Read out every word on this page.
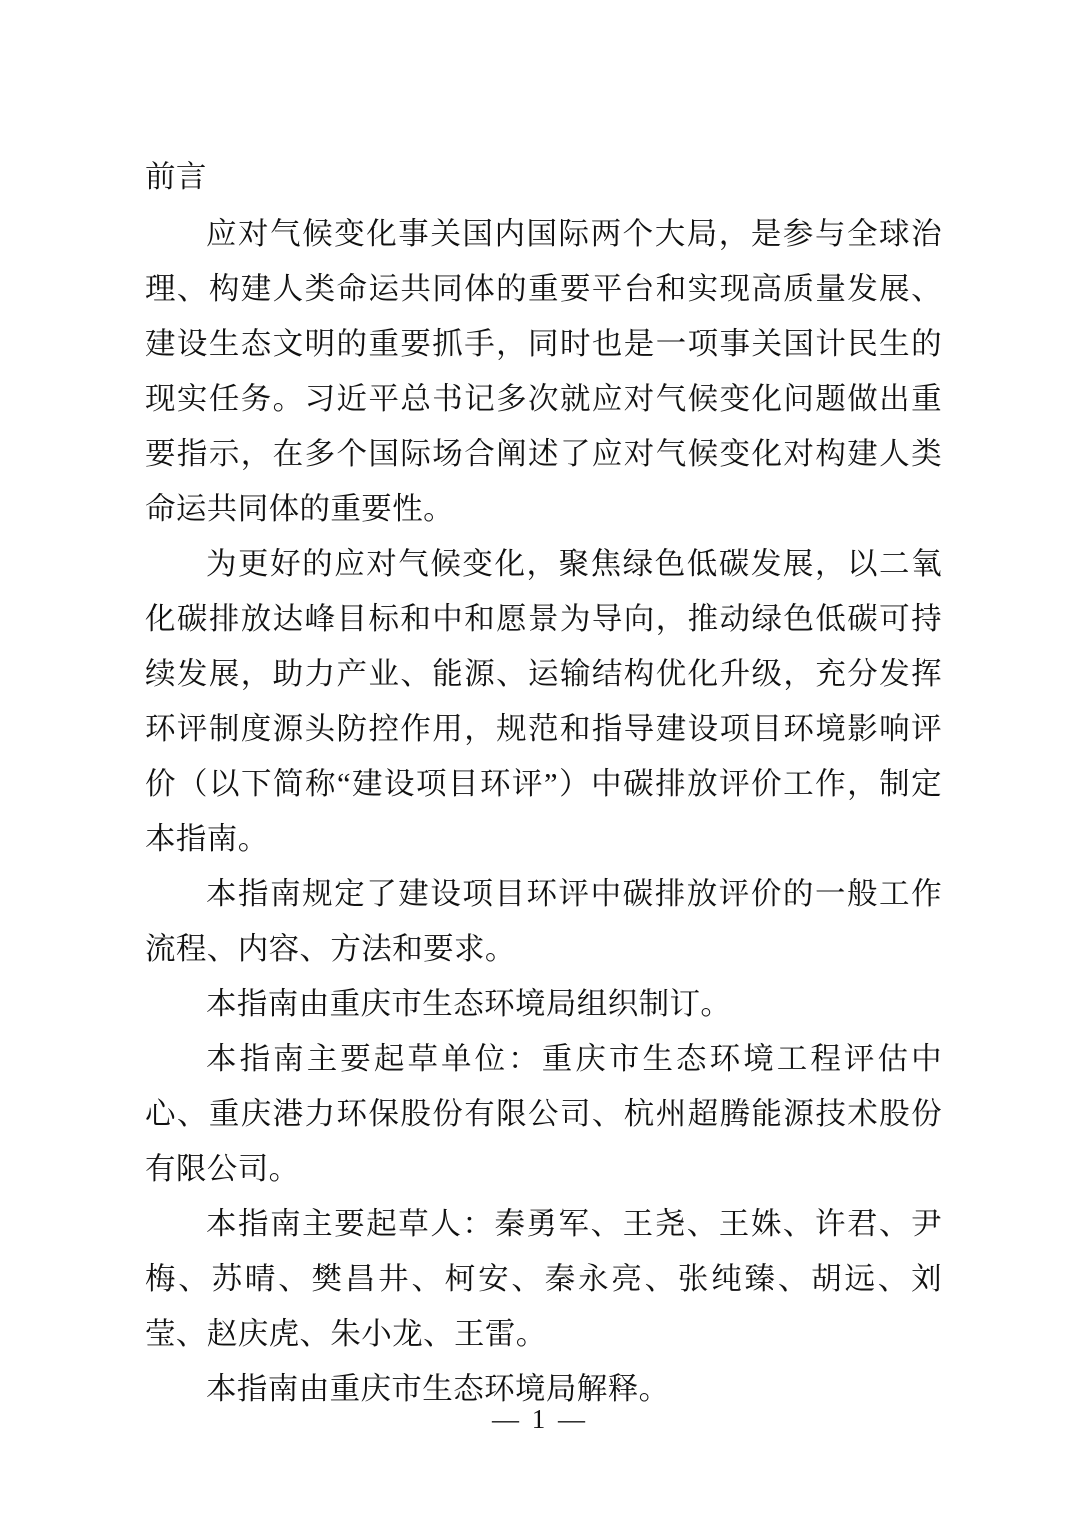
前言

应对气候变化事关国内国际两个大局，是参与全球治理、构建人类命运共同体的重要平台和实现高质量发展、建设生态文明的重要抓手，同时也是一项事关国计民生的现实任务。习近平总书记多次就应对气候变化问题做出重要指示，在多个国际场合阐述了应对气候变化对构建人类命运共同体的重要性。

为更好的应对气候变化，聚焦绿色低碳发展，以二氧化碳排放达峰目标和中和愿景为导向，推动绿色低碳可持续发展，助力产业、能源、运输结构优化升级，充分发挥环评制度源头防控作用，规范和指导建设项目环境影响评价（以下简称“建设项目环评”）中碳排放评价工作，制定本指南。

本指南规定了建设项目环评中碳排放评价的一般工作流程、内容、方法和要求。

本指南由重庆市生态环境局组织制订。

本指南主要起草单位：重庆市生态环境工程评估中心、重庆港力环保股份有限公司、杭州超腾能源技术股份有限公司。

本指南主要起草人：秦勇军、王尧、王姝、许君、尹梅、苏晴、樊昌井、柯安、秦永亮、张纯臻、胡远、刘莹、赵庆虎、朱小龙、王雷。

本指南由重庆市生态环境局解释。

— 1 —
